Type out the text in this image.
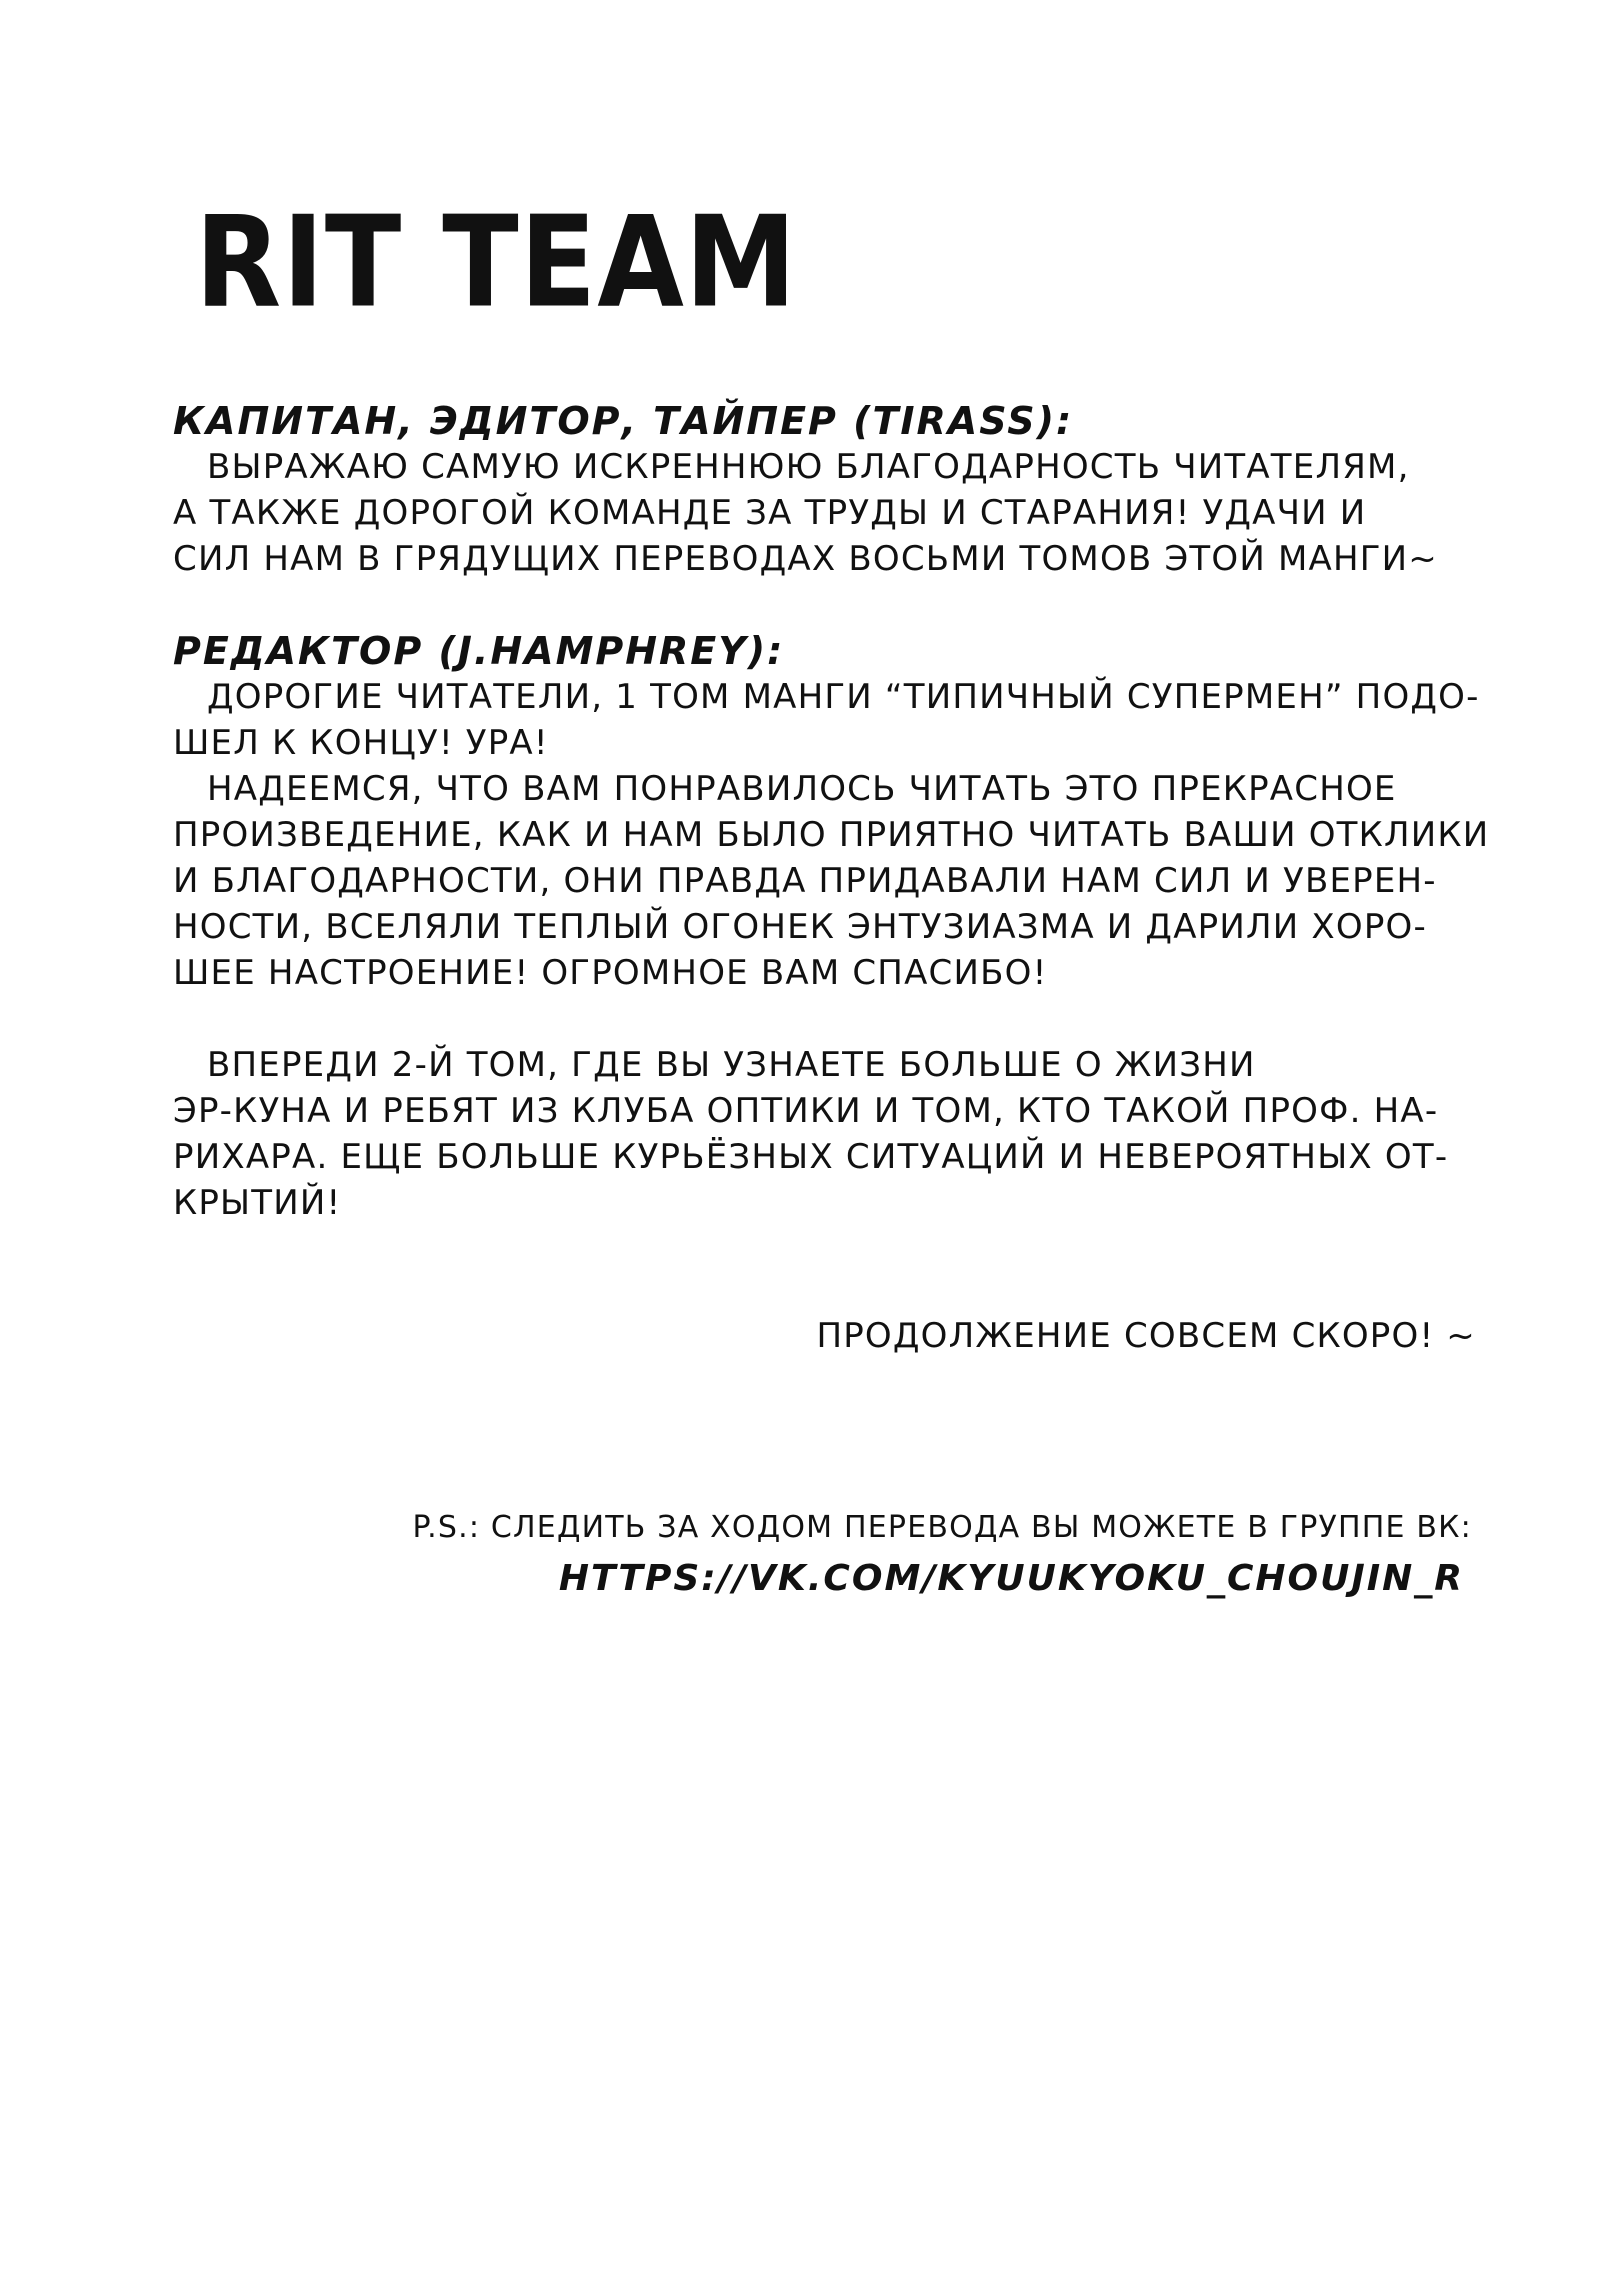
RIT TEAM

КАПИТАН, ЭДИТОР, ТАЙПЕР (TIRASS):

ВЫРАЖАЮ САМУЮ ИСКРЕННЮЮ БЛАГОДАРНОСТЬ ЧИТАТЕЛЯМ,

А ТАКЖЕ ДОРОГОЙ КОМАНДЕ ЗА ТРУДЫ И СТАРАНИЯ! УДАЧИ И

СИЛ НАМ В ГРЯДУЩИХ ПЕРЕВОДАХ ВОСЬМИ ТОМОВ ЭТОЙ МАНГИ~

РЕДАКТОР (J.HAMPHREY):

ДОРОГИЕ ЧИТАТЕЛИ, 1 ТОМ МАНГИ “ТИПИЧНЫЙ СУПЕРМЕН” ПОДО-

ШЕЛ К КОНЦУ! УРА!

НАДЕЕМСЯ, ЧТО ВАМ ПОНРАВИЛОСЬ ЧИТАТЬ ЭТО ПРЕКРАСНОЕ

ПРОИЗВЕДЕНИЕ, КАК И НАМ БЫЛО ПРИЯТНО ЧИТАТЬ ВАШИ ОТКЛИКИ

И БЛАГОДАРНОСТИ, ОНИ ПРАВДА ПРИДАВАЛИ НАМ СИЛ И УВЕРЕН-

НОСТИ, ВСЕЛЯЛИ ТЕПЛЫЙ ОГОНЕК ЭНТУЗИАЗМА И ДАРИЛИ ХОРО-

ШЕЕ НАСТРОЕНИЕ! ОГРОМНОЕ ВАМ СПАСИБО!

ВПЕРЕДИ 2-Й ТОМ, ГДЕ ВЫ УЗНАЕТЕ БОЛЬШЕ О ЖИЗНИ

ЭР-КУНА И РЕБЯТ ИЗ КЛУБА ОПТИКИ И ТОМ, КТО ТАКОЙ ПРОФ. НА-

РИХАРА. ЕЩЕ БОЛЬШЕ КУРЬЁЗНЫХ СИТУАЦИЙ И НЕВЕРОЯТНЫХ ОТ-

КРЫТИЙ!

ПРОДОЛЖЕНИЕ СОВСЕМ СКОРО! ~

P.S.: СЛЕДИТЬ ЗА ХОДОМ ПЕРЕВОДА ВЫ МОЖЕТЕ В ГРУППЕ ВК:

HTTPS://VK.COM/KYUUKYOKU_CHOUJIN_R
